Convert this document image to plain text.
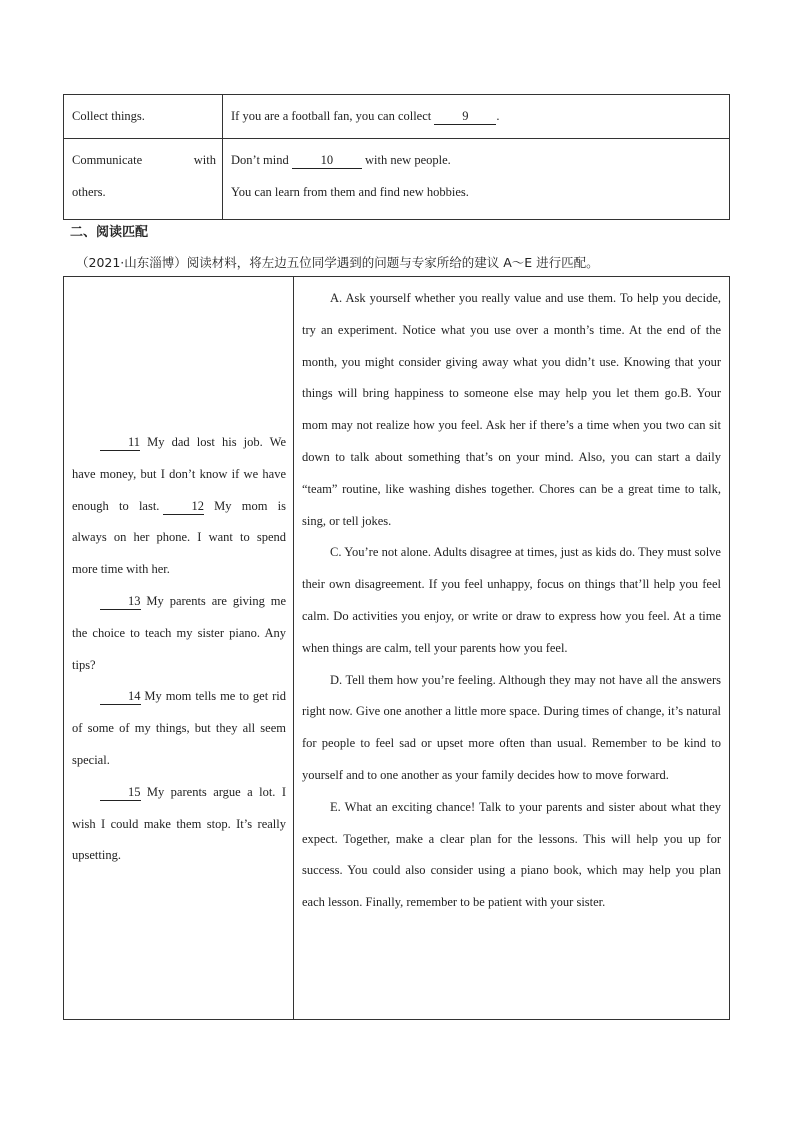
Collect things.	If you are a football fan, you can collect 9 .

Communicate with
others.	Don’t mind 10 with new people.
You can learn from them and find new hobbies.
二、阅读匹配
（2021·山东淄博）阅读材料，将左边五位同学遇到的问题与专家所给的建议 A～E 进行匹配。

11 My dad lost his job. We have money, but I don’t know if we have enough to last.	12 My mom is always on her phone. I want to spend more time with her.

13 My parents are giving me the choice to teach my sister piano. Any tips?

14 My mom tells me to get rid of some of my things, but they all seem special.

15 My parents argue a lot. I wish I could make them stop. It’s really upsetting.

A. Ask yourself whether you really value and use them. To help you decide, try an experiment. Notice what you use over a month’s time. At the end of the month, you might consider giving away what you didn’t use. Knowing that your things will bring happiness to someone else may help you let them go.B. Your mom may not realize how you feel. Ask her if there’s a time when you two can sit down to talk about something that’s on your mind. Also, you can start a daily “team” routine, like washing dishes together. Chores can be a great time to talk, sing, or tell jokes.

C. You’re not alone. Adults disagree at times, just as kids do. They must solve their own disagreement. If you feel unhappy, focus on things that’ll help you feel calm. Do activities you enjoy, or write or draw to express how you feel. At a time when things are calm, tell your parents how you feel.

D. Tell them how you’re feeling. Although they may not have all the answers right now. Give one another a little more space. During times of change, it’s natural for people to feel sad or upset more often than usual. Remember to be kind to yourself and to one another as your family decides how to move forward.

E. What an exciting chance! Talk to your parents and sister about what they expect. Together, make a clear plan for the lessons. This will help you up for success. You could also consider using a piano book, which may help you plan each lesson. Finally, remember to be patient with your sister.
